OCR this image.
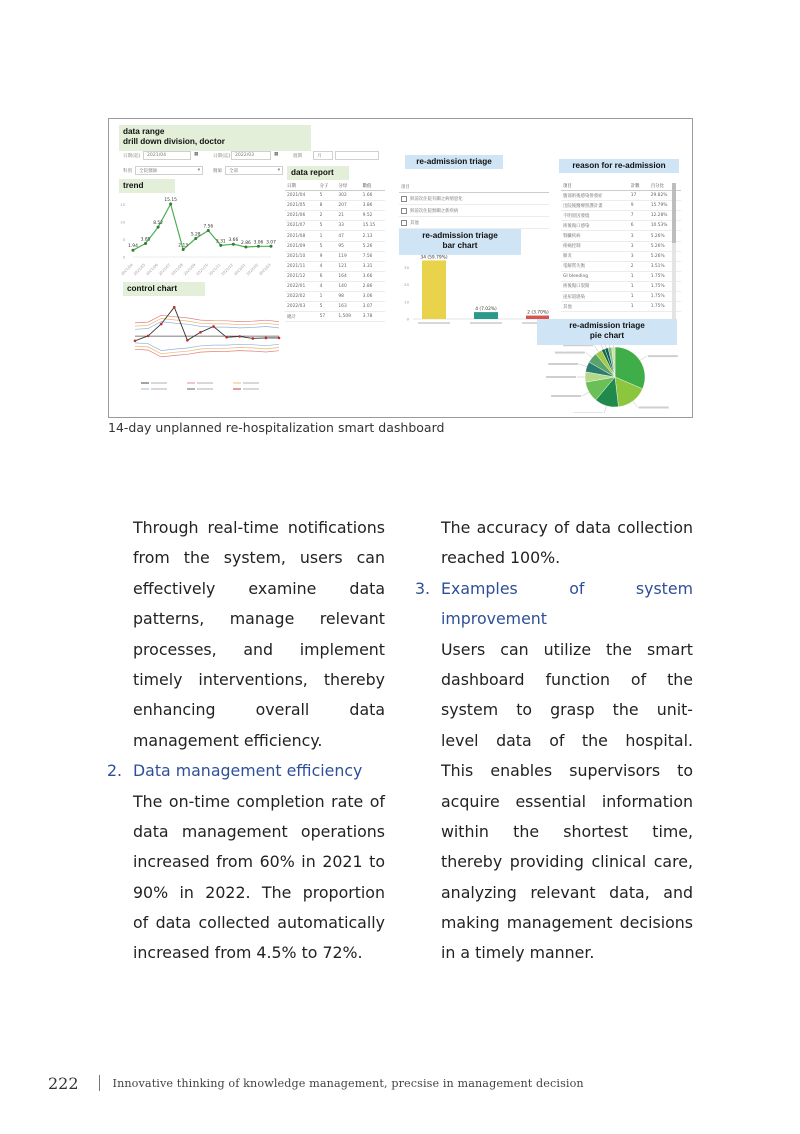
日期(起) 2021/04	▦	日期(迄) 2022/03	▦	週期	月
科別 全院醫師	▾	醫師 全部	▾
1.94
2021/04
3.85
2021/05
8.52
2021/06
15.15
2021/07
2.13
2021/08
5.28
2021/09
7.56
2021/10
3.31
2021/11
3.66
2021/12
2.86
2022/01
3.06
2022/02
3.07
2022/03
0
5
10
15
日期	分子	分母	數值
2021/04	5	302	1.66
2021/05	8	207	3.86
2021/06	2	21	9.52
2021/07	5	33	15.15
2021/08	1	47	2.13
2021/09	5	95	5.26
2021/10	9	119	7.56
2021/11	4	121	3.31
2021/12	6	164	3.66
2022/01	4	140	2.86
2022/02	1	98	3.06
2022/03	5	163	3.07
總計	57	1,509	3.78
項目
與前次住院有關之病情惡化
與前次住院無關之新疾病
其他
0
10
20
30
34 (59.79%)
4 (7.02%)
2 (3.70%)
項目	計數	百分比
腹部術後感染併發症	17	29.82%
出院後醫療照護計畫	9	15.79%
不明原因發燒	7	12.28%
術後傷口感染	6	10.53%
腎臟疾病	3	5.26%
疼痛控制	3	5.26%
肺炎	3	5.26%
電解質失衡	2	3.51%
GI bleeding	1	1.75%
術後傷口裂開	1	1.75%
泌尿道感染	1	1.75%
其他	1	1.75%
data range
drill down division, doctor
trend
control chart
data report
re-admission triage	reason for re-admission
re-admission triage
bar chart
re-admission triage
pie chart
14-day unplanned re-hospitalization smart dashboard
Through real-time notifications
from the system, users can
effectively examine data
patterns, manage relevant
processes, and implement
timely interventions, thereby
enhancing overall data
management efficiency.
2. Data management efficiency
The on-time completion rate of
data management operations
increased from 60% in 2021 to
90% in 2022. The proportion
of data collected automatically
increased from 4.5% to 72%.
The accuracy of data collection
reached 100%.
3. Examples of system
improvement
Users can utilize the smart
dashboard function of the
system to grasp the unit-
level data of the hospital.
This enables supervisors to
acquire essential information
within the shortest time,
thereby providing clinical care,
analyzing relevant data, and
making management decisions
in a timely manner.
222	Innovative thinking of knowledge management, precsise in management decision
